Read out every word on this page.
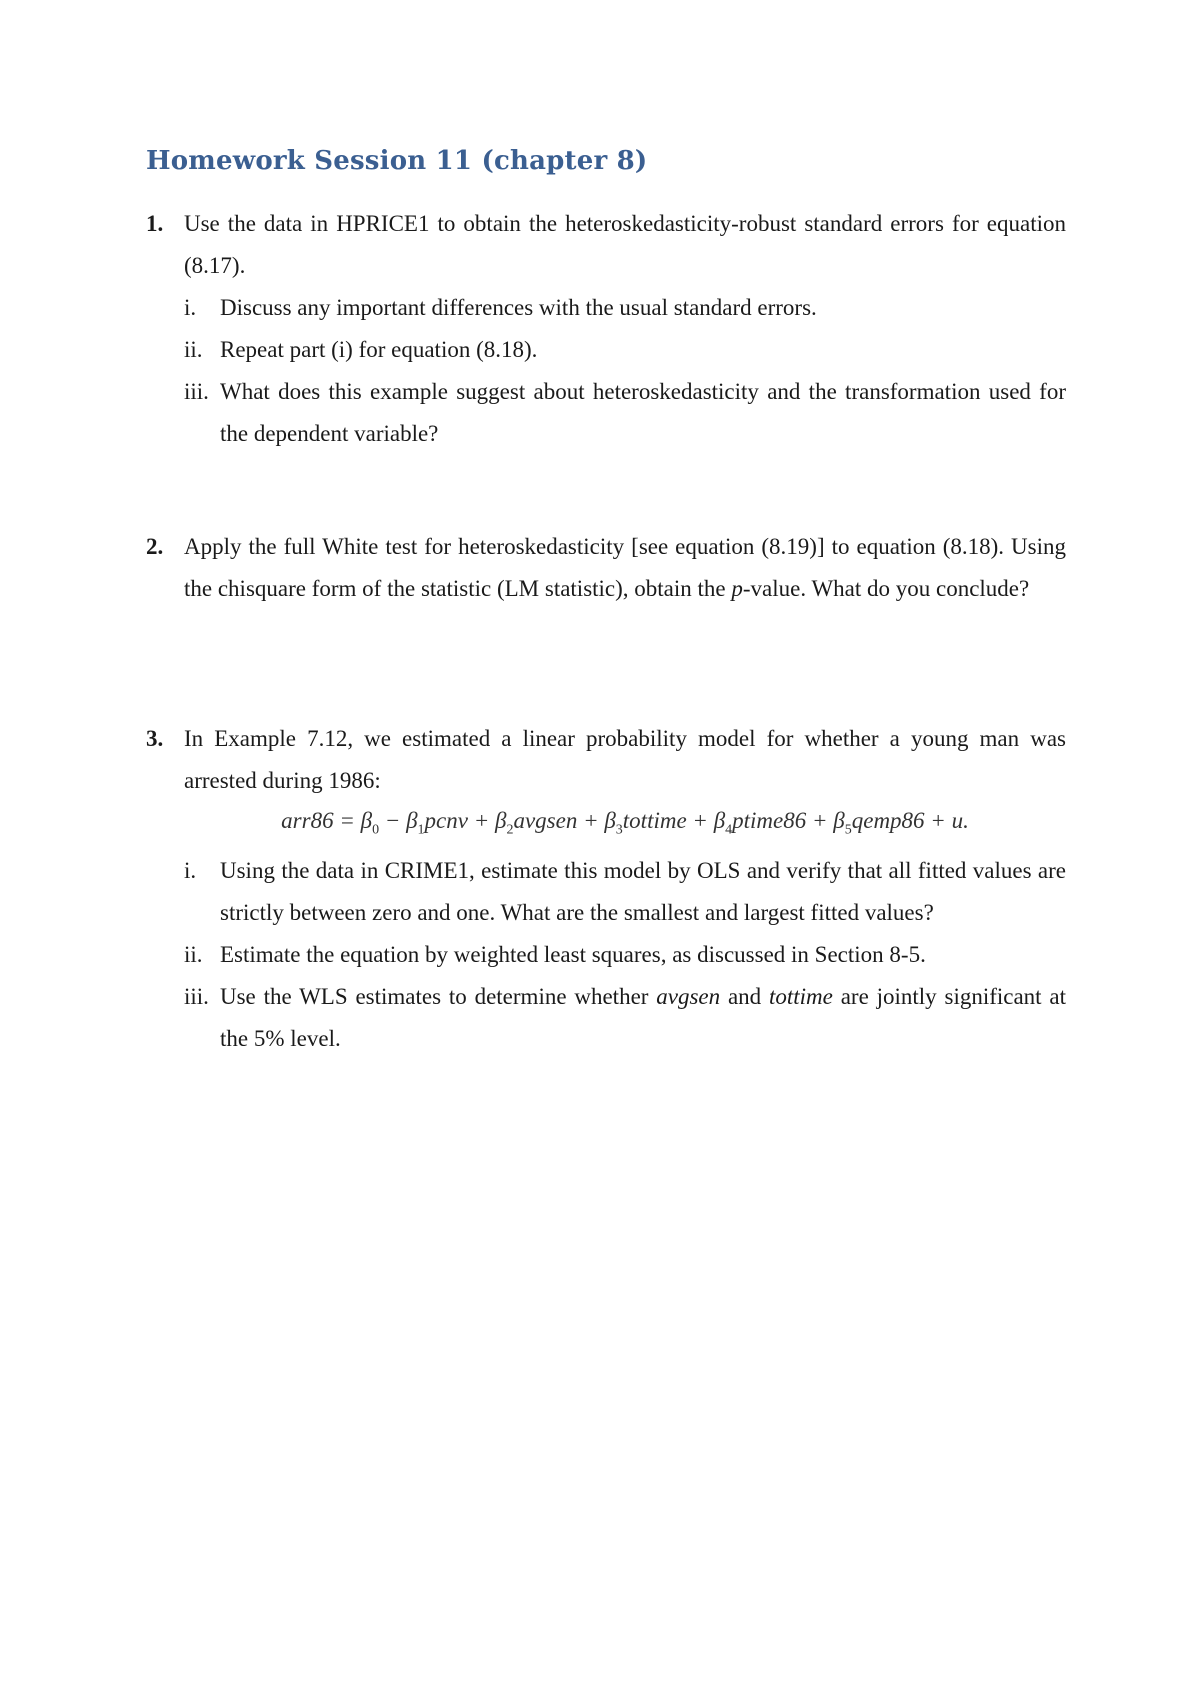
Homework Session 11 (chapter 8)
1. Use the data in HPRICE1 to obtain the heteroskedasticity-robust standard errors for equation (8.17).
i. Discuss any important differences with the usual standard errors.
ii. Repeat part (i) for equation (8.18).
iii. What does this example suggest about heteroskedasticity and the transformation used for the dependent variable?
2. Apply the full White test for heteroskedasticity [see equation (8.19)] to equation (8.18). Using the chisquare form of the statistic (LM statistic), obtain the p-value. What do you conclude?
3. In Example 7.12, we estimated a linear probability model for whether a young man was arrested during 1986:
$arr86 = \beta_0$ − $\beta_1pcnv$ + $\beta_2avgsen$ + $\beta_3tottime$ + $\beta_4ptime86$ + $\beta_5qemp86 + u$.
i. Using the data in CRIME1, estimate this model by OLS and verify that all fitted values are strictly between zero and one. What are the smallest and largest fitted values?
ii. Estimate the equation by weighted least squares, as discussed in Section 8-5.
iii. Use the WLS estimates to determine whether avgsen and tottime are jointly significant at the 5% level.
